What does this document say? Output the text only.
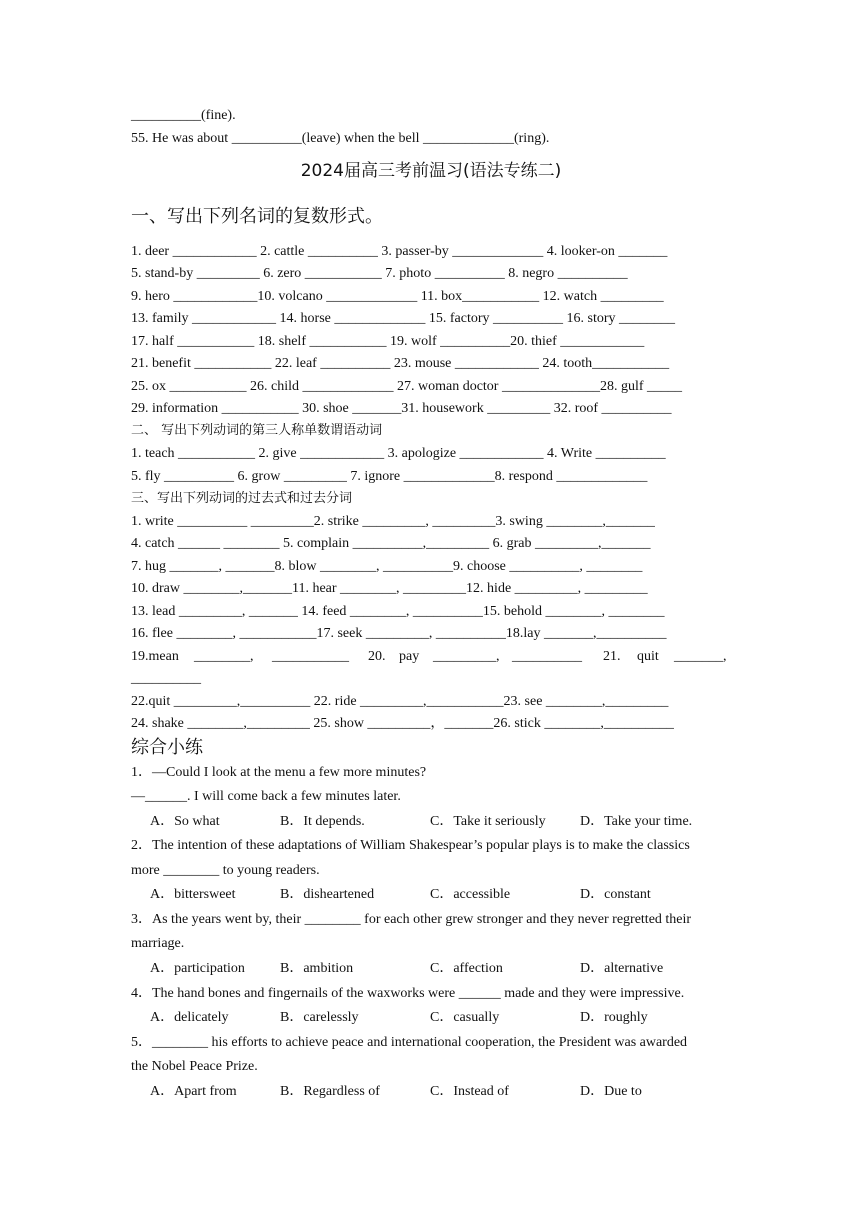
__________(fine).
55. He was about __________(leave) when the bell _____________(ring).
2024届高三考前温习(语法专练二)
一、写出下列名词的复数形式。
1. deer ____________ 2. cattle __________ 3. passer-by _____________ 4. looker-on _______
5. stand-by _________ 6. zero ___________ 7. photo __________ 8. negro __________
9. hero ____________10. volcano _____________ 11. box___________ 12. watch _________
13. family ____________ 14. horse _____________ 15. factory __________ 16. story ________
17. half ___________ 18. shelf ___________ 19. wolf __________20. thief ____________
21. benefit ___________ 22. leaf __________ 23. mouse ____________ 24. tooth___________
25. ox ___________ 26. child _____________ 27. woman doctor ______________28. gulf _____
29. information ___________ 30. shoe _______31. housework _________ 32. roof __________
二、 写出下列动词的第三人称单数谓语动词
1. teach ___________ 2. give ____________ 3. apologize ____________ 4. Write __________
5. fly __________ 6. grow _________ 7. ignore _____________8. respond _____________
三、写出下列动词的过去式和过去分词
1. write __________ _________2. strike _________, _________3. swing ________,_______
4. catch ______ ________ 5. complain __________,_________ 6. grab _________,_______
7. hug _______, _______8. blow ________, __________9. choose __________, ________
10. draw ________,_______11. hear ________, _________12. hide _________, _________
13. lead _________, _______ 14. feed ________, __________15. behold ________, ________
16. flee ________, ___________17. seek _________, __________18.lay _______,__________
19.mean ________, ___________ 20. pay _________, __________ 21. quit _______,
__________
22.quit _________,__________ 22. ride _________,___________23. see ________,_________
24. shake ________,_________ 25. show _________，_______26. stick ________,__________
综合小练
1．—Could I look at the menu a few more minutes?
—______. I will come back a few minutes later.
A．So what	B．It depends.	C．Take it seriously D．Take your time.
2．The intention of these adaptations of William Shakespear’s popular plays is to make the classics
more ________ to young readers.
A．bittersweet	B．disheartened	C．accessible	D．constant
3．As the years went by, their ________ for each other grew stronger and they never regretted their
marriage.
A．participation	B．ambition	C．affection	D．alternative
4．The hand bones and fingernails of the waxworks were ______ made and they were impressive.
A．delicately	B．carelessly	C．casually	D．roughly
5．________ his efforts to achieve peace and international cooperation, the President was awarded
the Nobel Peace Prize.
A．Apart from	B．Regardless of	C．Instead of	D．Due to
